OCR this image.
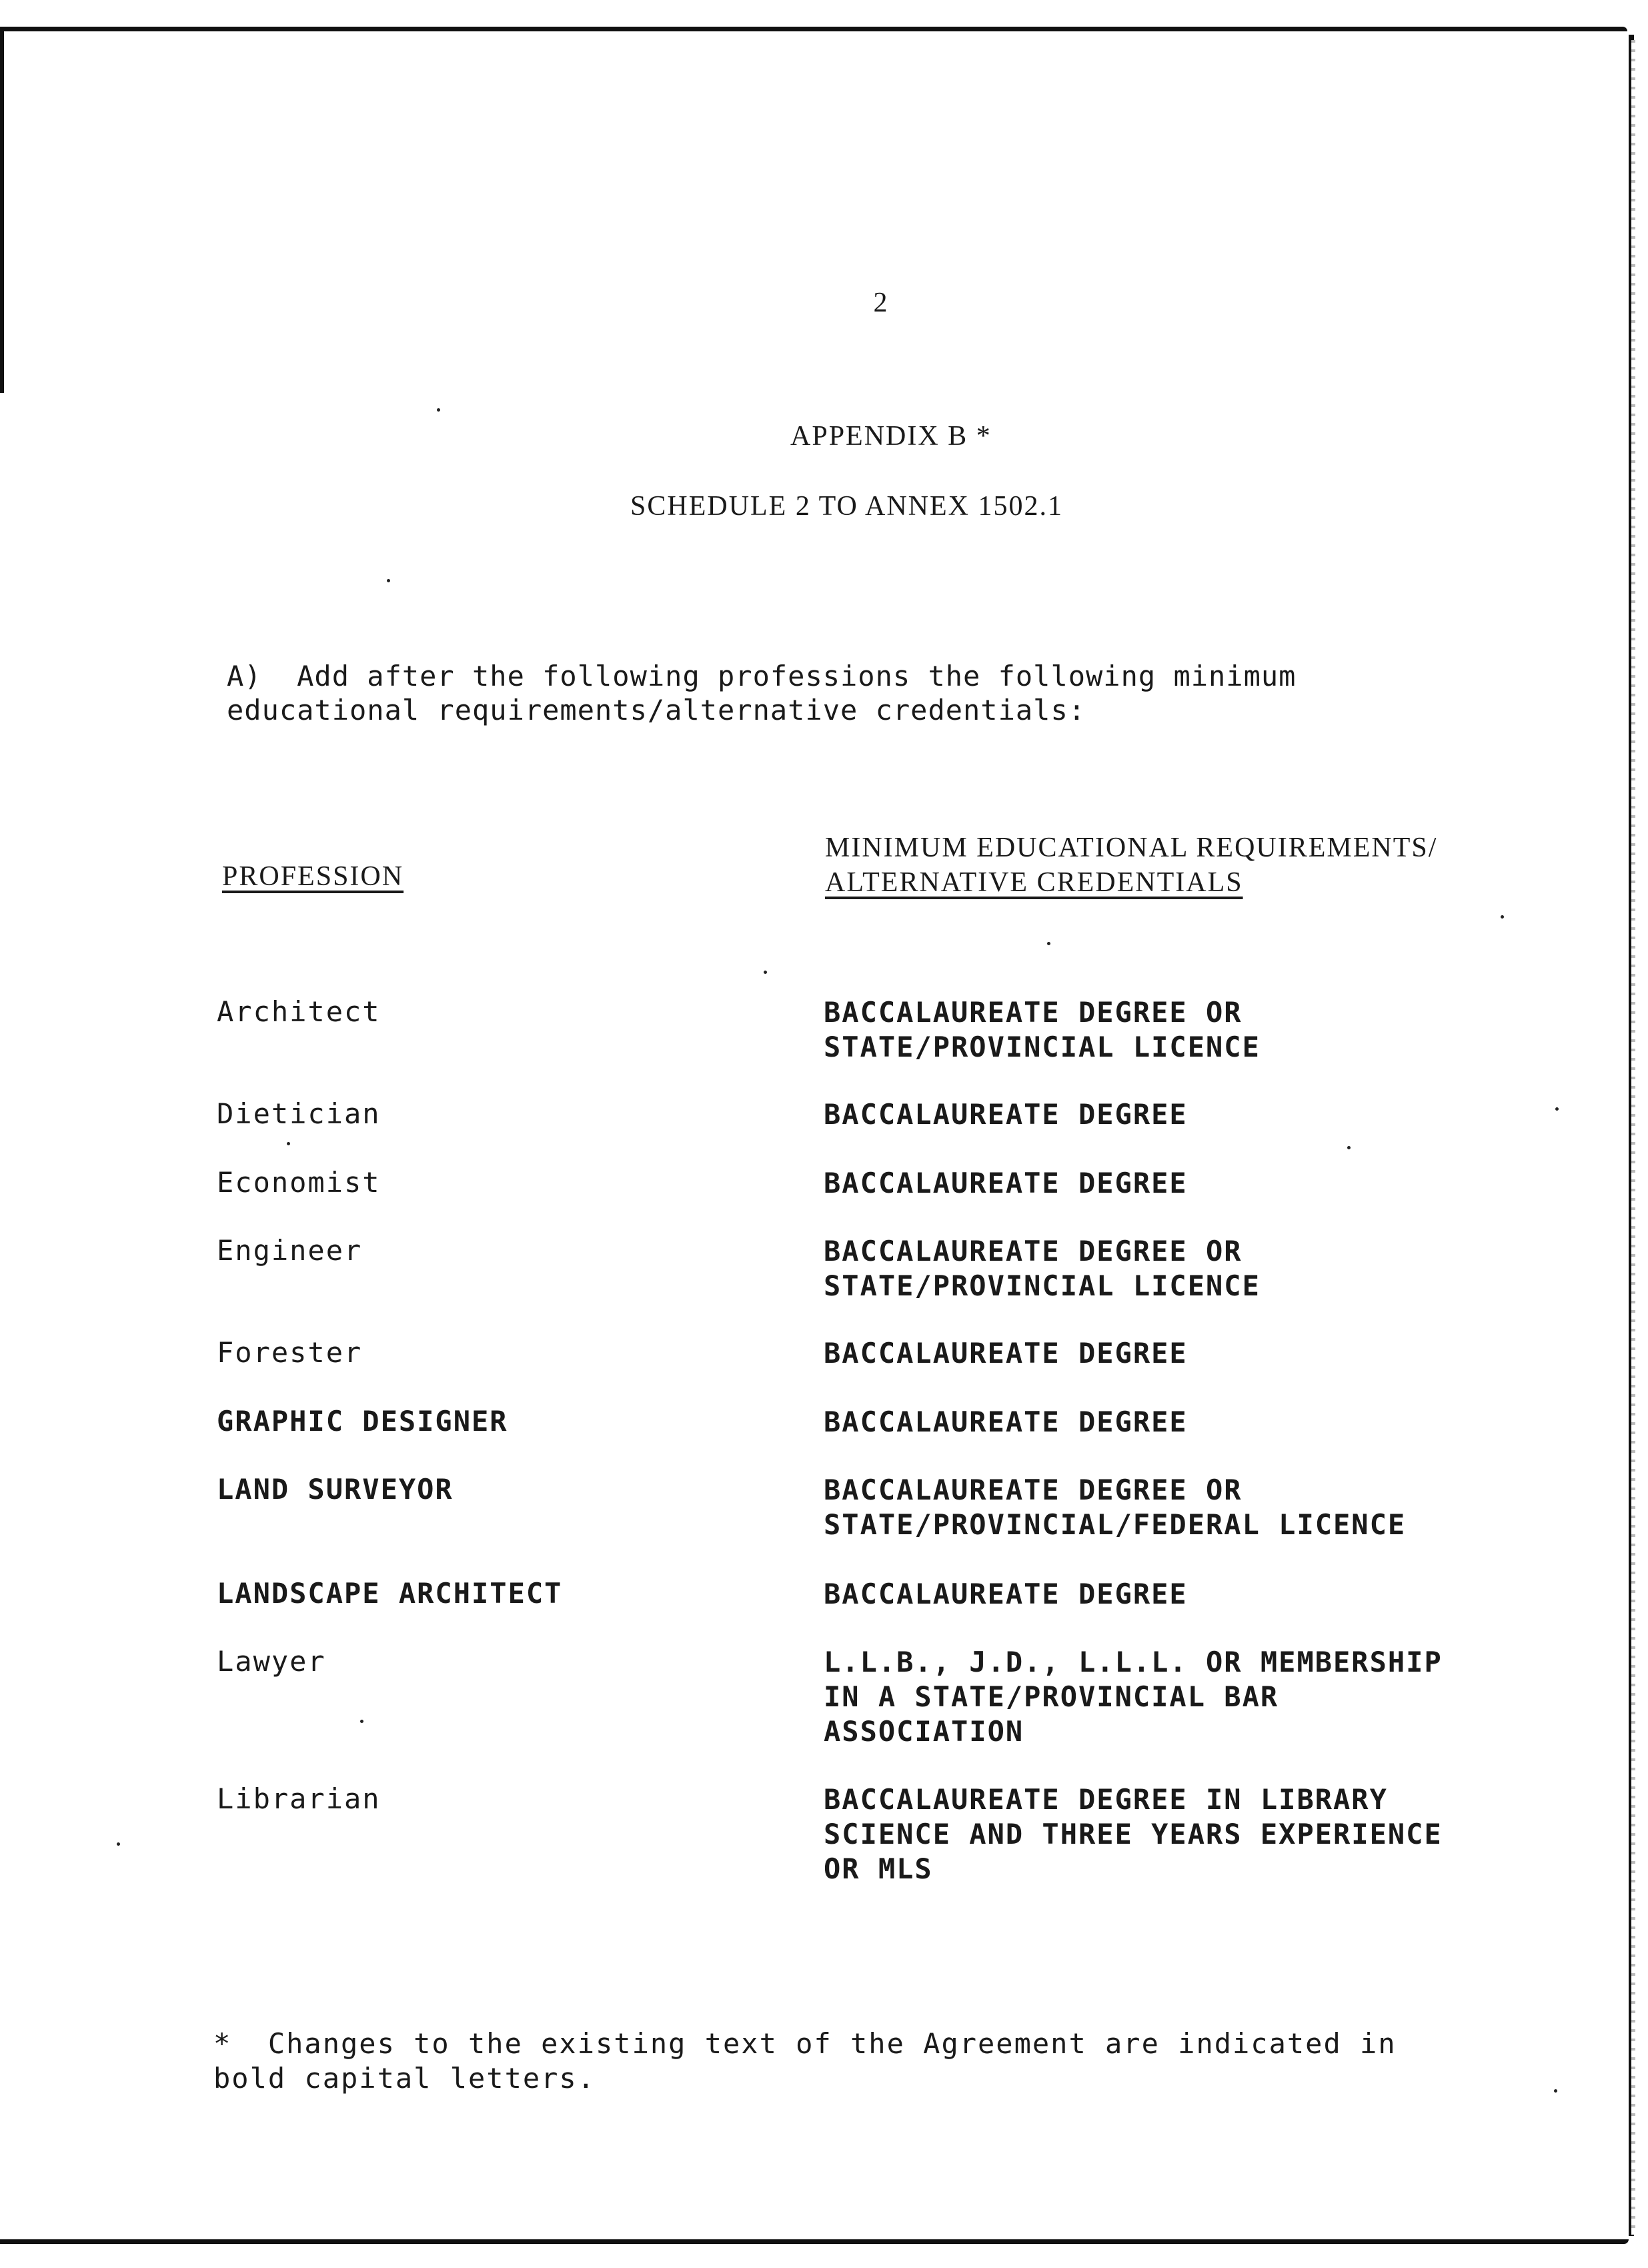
2
APPENDIX B *
SCHEDULE 2 TO ANNEX 1502.1
A)  Add after the following professions the following minimum
educational requirements/alternative credentials:
PROFESSION
MINIMUM EDUCATIONAL REQUIREMENTS/
ALTERNATIVE CREDENTIALS
Architect	BACCALAUREATE DEGREE OR
STATE/PROVINCIAL LICENCE
Dietician	BACCALAUREATE DEGREE
Economist	BACCALAUREATE DEGREE
Engineer	BACCALAUREATE DEGREE OR
STATE/PROVINCIAL LICENCE
Forester	BACCALAUREATE DEGREE
GRAPHIC DESIGNER	BACCALAUREATE DEGREE
LAND SURVEYOR	BACCALAUREATE DEGREE OR
STATE/PROVINCIAL/FEDERAL LICENCE
LANDSCAPE ARCHITECT	BACCALAUREATE DEGREE
Lawyer	L.L.B., J.D., L.L.L. OR MEMBERSHIP
IN A STATE/PROVINCIAL BAR
ASSOCIATION
Librarian	BACCALAUREATE DEGREE IN LIBRARY
SCIENCE AND THREE YEARS EXPERIENCE
OR MLS
*  Changes to the existing text of the Agreement are indicated in
bold capital letters.
